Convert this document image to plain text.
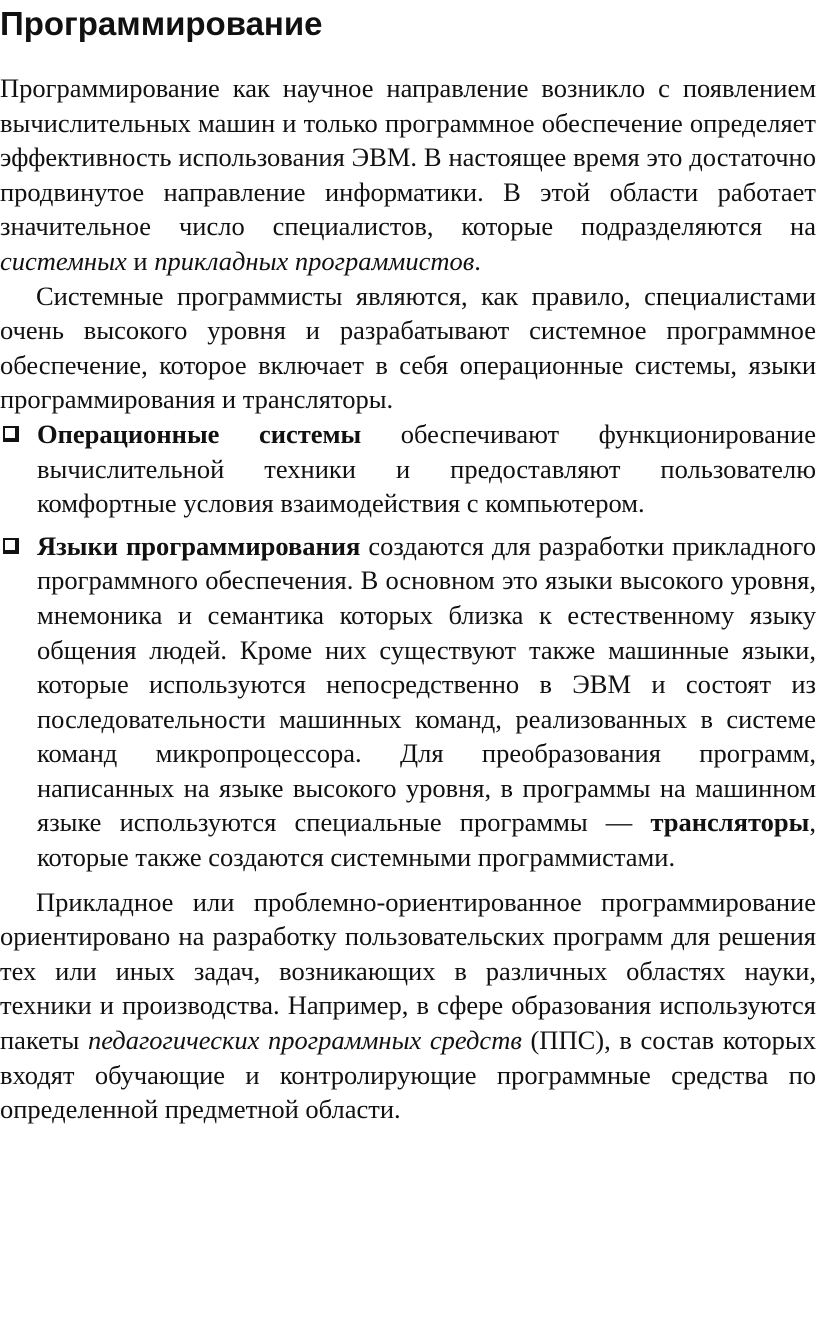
Программирование

Программирование как научное направление возникло с появлением вычислительных машин и только программное обеспечение определяет эффективность использования ЭВМ. В настоящее время это достаточно продвинутое направление информатики. В этой области работает значительное число специалистов, которые подразделяются на системных и прикладных программистов.

Системные программисты являются, как правило, специалистами очень высокого уровня и разрабатывают системное программное обеспечение, которое включает в себя операционные системы, языки программирования и трансляторы.

Операционные системы обеспечивают функционирование вычислительной техники и предоставляют пользователю комфортные условия взаимодействия с компьютером.
Языки программирования создаются для разработки прикладного программного обеспечения. В основном это языки высокого уровня, мнемоника и семантика которых близка к естественному языку общения людей. Кроме них существуют также машинные языки, которые используются непосредственно в ЭВМ и состоят из последовательности машинных команд, реализованных в системе команд микропроцессора. Для преобразования программ, написанных на языке высокого уровня, в программы на машинном языке используются специальные программы — трансляторы, которые также создаются системными программистами.

Прикладное или проблемно-ориентированное программирование ориентировано на разработку пользовательских программ для решения тех или иных задач, возникающих в различных областях науки, техники и производства. Например, в сфере образования используются пакеты педагогических программных средств (ППС), в состав которых входят обучающие и контролирующие программные средства по определенной предметной области.
